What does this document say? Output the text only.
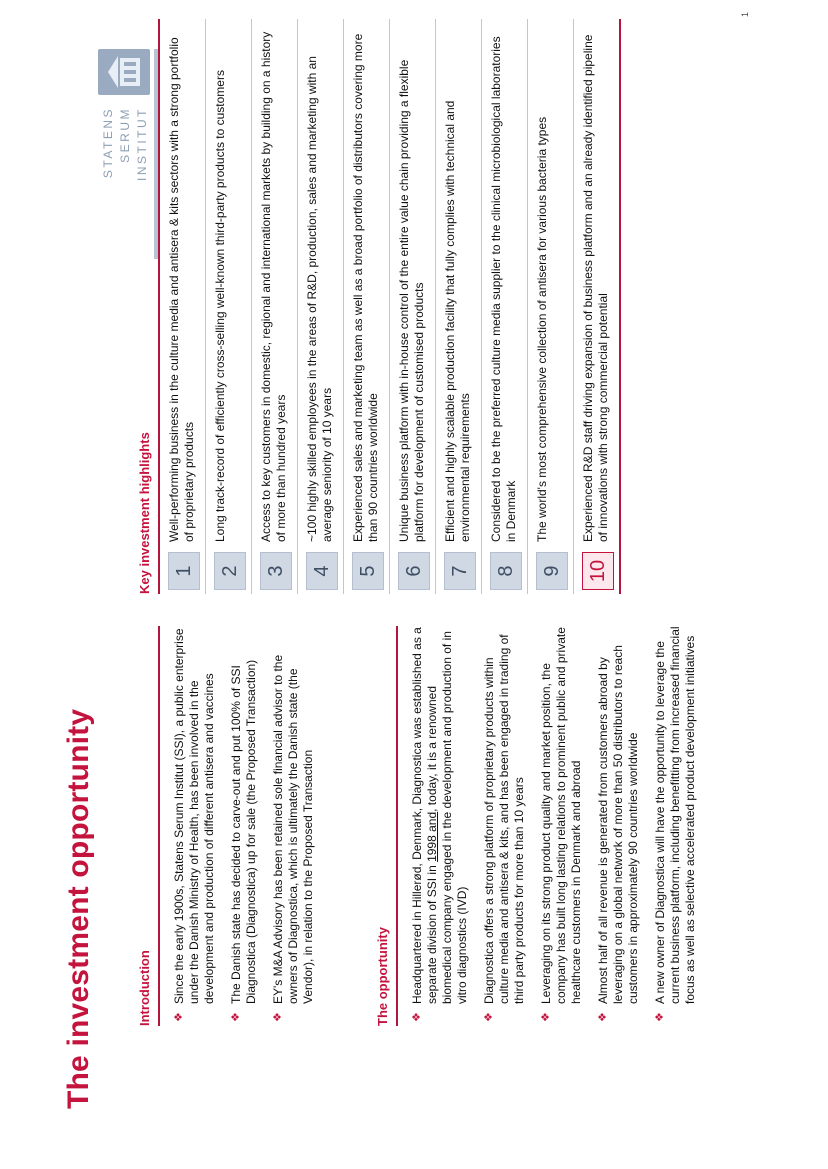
The investment opportunity
STATENS SERUM INSTITUT
Introduction ❖
Since the early 1900s, Statens Serum Institut (SSI), a public enterprise under the Danish Ministry of Health, has been involved in the development and production of different antisera and vaccines
❖
The Danish state has decided to carve-out and put 100% of SSI Diagnostica (Diagnostica) up for sale (the Proposed Transaction)
❖
EY's M&A Advisory has been retained sole financial advisor to the owners of Diagnostica, which is ultimately the Danish state (the Vendor), in relation to the Proposed Transaction	The opportunity ❖
Headquartered in Hillerød, Denmark, Diagnostica was established as a separate division of SSI in 1998 and, today, it is a renowned biomedical company engaged in the development and production of in vitro diagnostics (IVD)
❖
Diagnostica offers a strong platform of proprietary products within culture media and antisera & kits, and has been engaged in trading of third party products for more than 10 years
❖
Leveraging on its strong product quality and market position, the company has built long lasting relations to prominent public and private healthcare customers in Denmark and abroad
❖
Almost half of all revenue is generated from customers abroad by leveraging on a global network of more than 50 distributors to reach customers in approximately 90 countries worldwide
❖
A new owner of Diagnostica will have the opportunity to leverage the current business platform, including benefitting from increased financial focus as well as selective accelerated product development initiatives
Key investment highlights 1
Well-performing business in the culture media and antisera & kits sectors with a strong portfolio of proprietary products
2
Long track-record of efficiently cross-selling well-known third-party products to customers
3
Access to key customers in domestic, regional and international markets by building on a history of more than hundred years
4
~100 highly skilled employees in the areas of R&D, production, sales and marketing with an average seniority of 10 years
5
Experienced sales and marketing team as well as a broad portfolio of distributors covering more than 90 countries worldwide
6
Unique business platform with in-house control of the entire value chain providing a flexible platform for development of customised products
7
Efficient and highly scalable production facility that fully complies with technical and environmental requirements
8
Considered to be the preferred culture media supplier to the clinical microbiological laboratories in Denmark
9
The world's most comprehensive collection of antisera for various bacteria types
10
Experienced R&D staff driving expansion of business platform and an already identified pipeline of innovations with strong commercial potential
1
